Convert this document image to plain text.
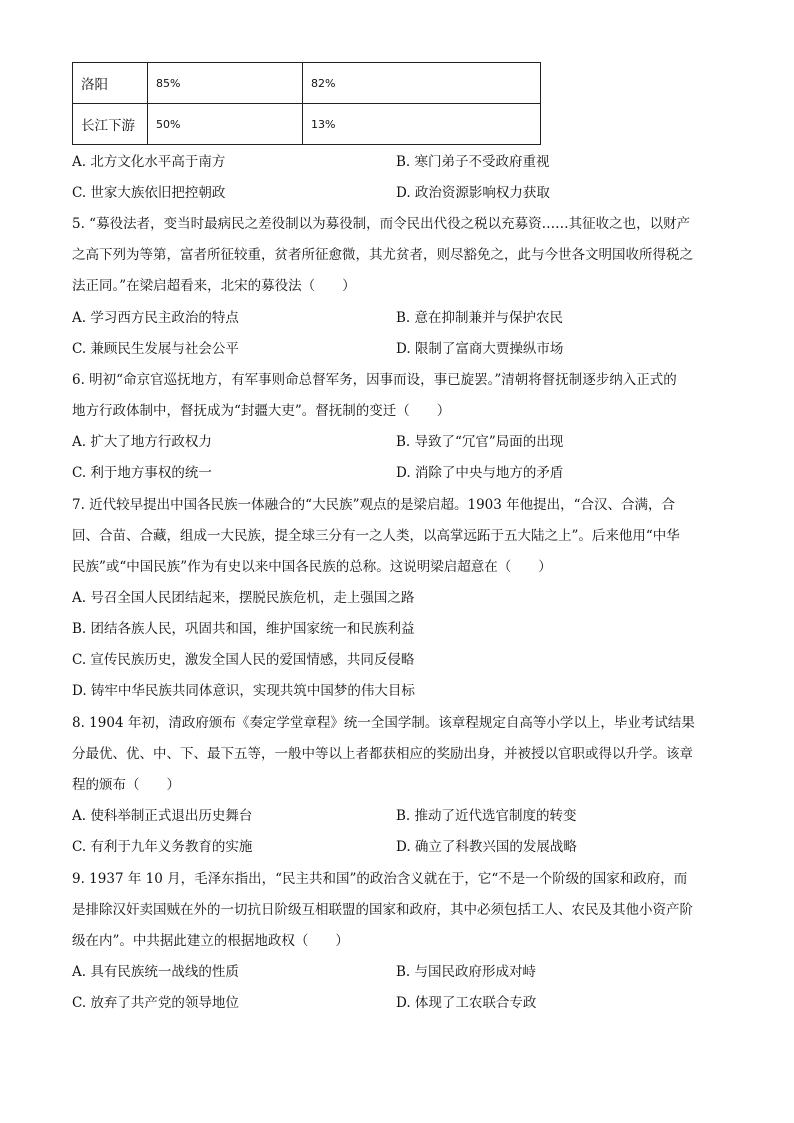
洛阳	85%	82%
长江下游	50%	13%
A. 北方文化水平高于南方	B. 寒门弟子不受政府重视
C. 世家大族依旧把控朝政	D. 政治资源影响权力获取
5. “募役法者，变当时最病民之差役制以为募役制，而令民出代役之税以充募资……其征收之也，以财产
之高下列为等第，富者所征较重，贫者所征愈微，其尤贫者，则尽豁免之，此与今世各文明国收所得税之
法正同。”在梁启超看来，北宋的募役法（　　）
A. 学习西方民主政治的特点	B. 意在抑制兼并与保护农民
C. 兼顾民生发展与社会公平	D. 限制了富商大贾操纵市场
6. 明初“命京官巡抚地方，有军事则命总督军务，因事而设，事已旋罢。”清朝将督抚制逐步纳入正式的
地方行政体制中，督抚成为“封疆大吏”。督抚制的变迁（　　）
A. 扩大了地方行政权力	B. 导致了“冗官”局面的出现
C. 利于地方事权的统一	D. 消除了中央与地方的矛盾
7. 近代较早提出中国各民族一体融合的“大民族”观点的是梁启超。1903 年他提出，“合汉、合满，合
回、合苗、合藏，组成一大民族，提全球三分有一之人类，以高掌远跖于五大陆之上”。后来他用“中华
民族”或“中国民族”作为有史以来中国各民族的总称。这说明梁启超意在（　　）
A. 号召全国人民团结起来，摆脱民族危机，走上强国之路
B. 团结各族人民，巩固共和国，维护国家统一和民族利益
C. 宣传民族历史，激发全国人民的爱国情感，共同反侵略
D. 铸牢中华民族共同体意识，实现共筑中国梦的伟大目标
8. 1904 年初，清政府颁布《奏定学堂章程》统一全国学制。该章程规定自高等小学以上，毕业考试结果
分最优、优、中、下、最下五等，一般中等以上者都获相应的奖励出身，并被授以官职或得以升学。该章
程的颁布（　　）
A. 使科举制正式退出历史舞台	B. 推动了近代选官制度的转变
C. 有利于九年义务教育的实施	D. 确立了科教兴国的发展战略
9. 1937 年 10 月，毛泽东指出，“民主共和国”的政治含义就在于，它“不是一个阶级的国家和政府，而
是排除汉奸卖国贼在外的一切抗日阶级互相联盟的国家和政府，其中必须包括工人、农民及其他小资产阶
级在内”。中共据此建立的根据地政权（　　）
A. 具有民族统一战线的性质	B. 与国民政府形成对峙
C. 放弃了共产党的领导地位	D. 体现了工农联合专政
